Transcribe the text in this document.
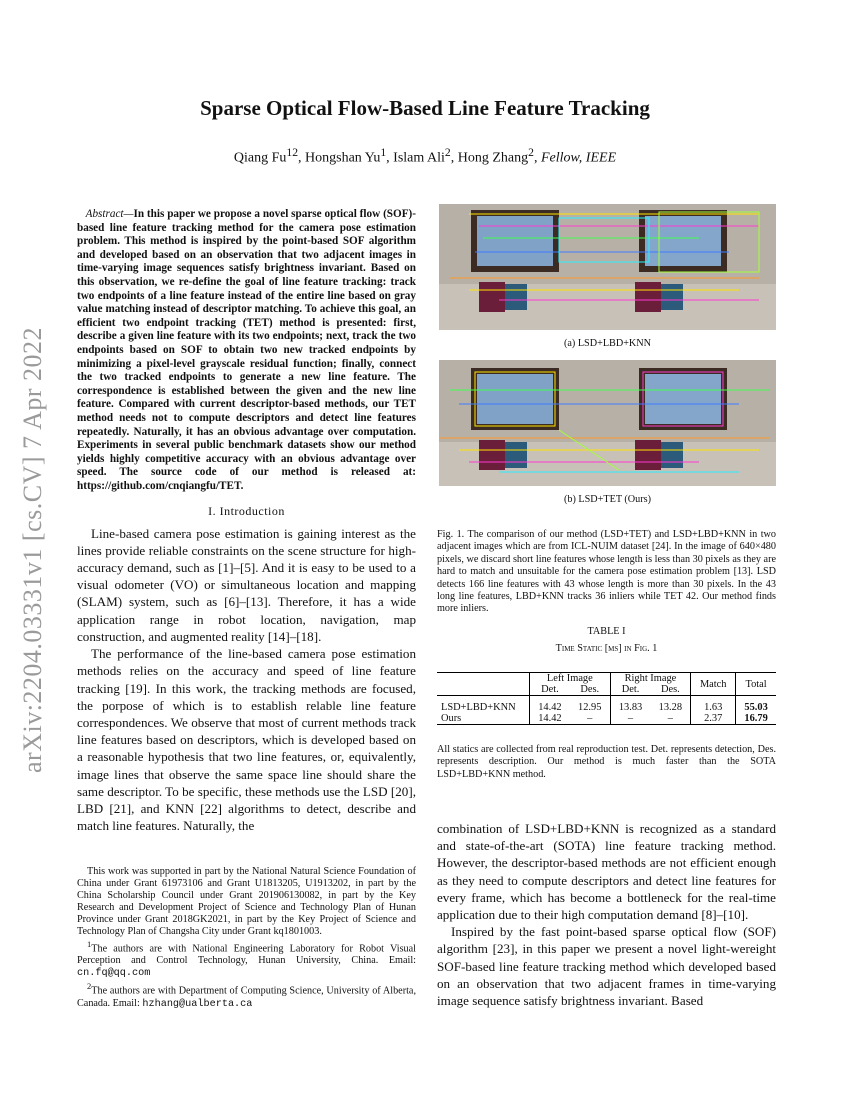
arXiv:2204.03331v1 [cs.CV] 7 Apr 2022
Sparse Optical Flow-Based Line Feature Tracking
Qiang Fu$^{12}$, Hongshan Yu$^1$, Islam Ali$^2$, Hong Zhang$^2$, Fellow, IEEE
Abstract—In this paper we propose a novel sparse optical flow (SOF)-based line feature tracking method for the camera pose estimation problem. This method is inspired by the point-based SOF algorithm and developed based on an observation that two adjacent images in time-varying image sequences satisfy brightness invariant. Based on this observation, we re-define the goal of line feature tracking: track two endpoints of a line feature instead of the entire line based on gray value matching instead of descriptor matching. To achieve this goal, an efficient two endpoint tracking (TET) method is presented: first, describe a given line feature with its two endpoints; next, track the two endpoints based on SOF to obtain two new tracked endpoints by minimizing a pixel-level grayscale residual function; finally, connect the two tracked endpoints to generate a new line feature. The correspondence is established between the given and the new line feature. Compared with current descriptor-based methods, our TET method needs not to compute descriptors and detect line features repeatedly. Naturally, it has an obvious advantage over computation. Experiments in several public benchmark datasets show our method yields highly competitive accuracy with an obvious advantage over speed. The source code of our method is released at: https://github.com/cnqiangfu/TET.
I. Introduction

Line-based camera pose estimation is gaining interest as the lines provide reliable constraints on the scene structure for high-accuracy demand, such as [1]–[5]. And it is easy to be used to a visual odometer (VO) or simultaneous location and mapping (SLAM) system, such as [6]–[13]. Therefore, it has a wide application range in robot location, navigation, map construction, and augmented reality [14]–[18].

The performance of the line-based camera pose estimation methods relies on the accuracy and speed of line feature tracking [19]. In this work, the tracking methods are focused, the porpose of which is to establish relable line feature correspondences. We observe that most of current methods track line features based on descriptors, which is developed based on a reasonable hypothesis that two line features, or, equivalently, image lines that observe the same space line should share the same descriptor. To be specific, these methods use the LSD [20], LBD [21], and KNN [22] algorithms to detect, describe and match line features. Naturally, the

This work was supported in part by the National Natural Science Foundation of China under Grant 61973106 and Grant U1813205, U1913202, in part by the China Scholarship Council under Grant 201906130082, in part by the Key Research and Development Project of Science and Technology Plan of Hunan Province under Grant 2018GK2021, in part by the Key Project of Science and Technology Plan of Changsha City under Grant kq1801003.

$^1$The authors are with National Engineering Laboratory for Robot Visual Perception and Control Technology, Hunan University, China. Email: cn.fq@qq.com

$^2$The authors are with Department of Computing Science, University of Alberta, Canada. Email: hzhang@ualberta.ca

(a) LSD+LBD+KNN
(b) LSD+TET (Ours)
Fig. 1. The comparison of our method (LSD+TET) and LSD+LBD+KNN in two adjacent images which are from ICL-NUIM dataset [24]. In the image of 640×480 pixels, we discard short line features whose length is less than 30 pixels as they are hard to match and unsuitable for the camera pose estimation problem [13]. LSD detects 166 line features with 43 whose length is more than 30 pixels. In the 43 long line features, LBD+KNN tracks 36 inliers while TET 42. Our method finds more inliers.
TABLE I
Time Static [ms] in Fig. 1
	Left Image		Right Image		Match	Total
	Det.	Des.	Det.	Des.		

LSD+LBD+KNN	14.42	12.95	13.83	13.28	1.63	55.03
Ours	14.42	–	–	–	2.37	16.79
All statics are collected from real reproduction test. Det. represents detection, Des. represents description. Our method is much faster than the SOTA LSD+LBD+KNN method.

combination of LSD+LBD+KNN is recognized as a standard and state-of-the-art (SOTA) line feature tracking method. However, the descriptor-based methods are not efficient enough as they need to compute descriptors and detect line features for every frame, which has become a bottleneck for the real-time application due to their high computation demand [8]–[10].

Inspired by the fast point-based sparse optical flow (SOF) algorithm [23], in this paper we present a novel light-wereight SOF-based line feature tracking method which developed based on an observation that two adjacent frames in time-varying image sequence satisfy brightness invariant. Based
